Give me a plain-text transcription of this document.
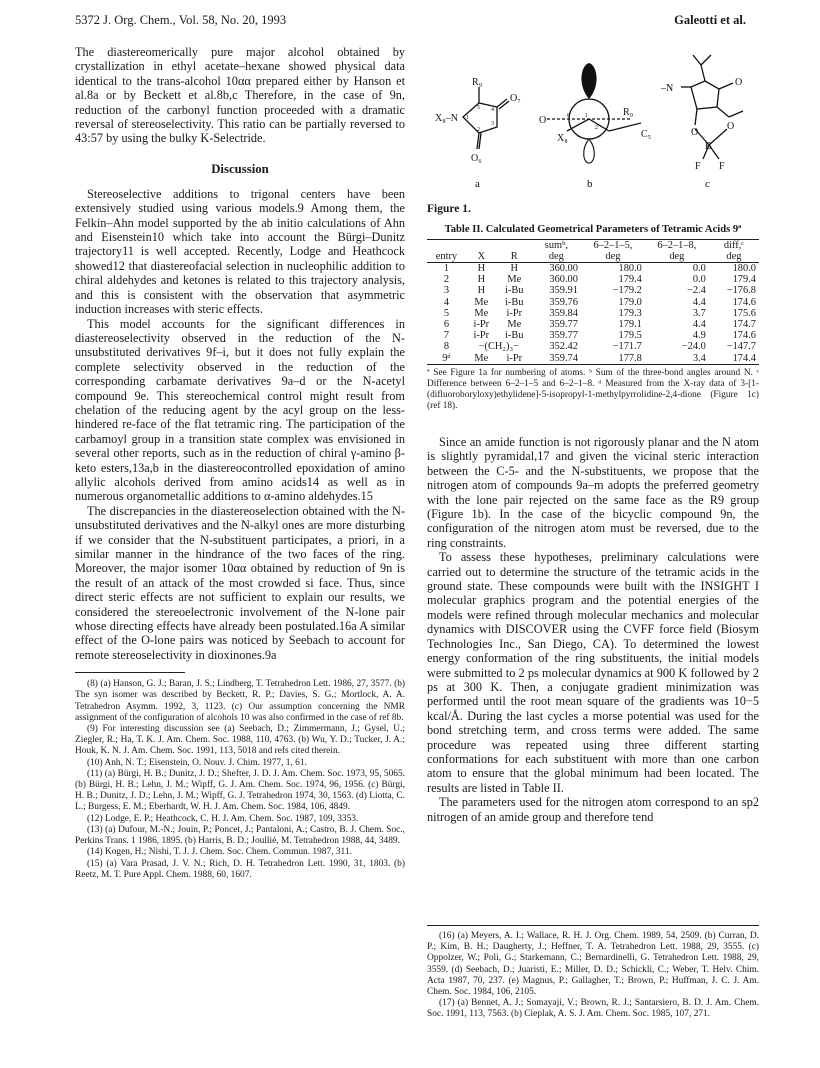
5372 J. Org. Chem., Vol. 58, No. 20, 1993	Galeotti et al.

The diastereomerically pure major alcohol obtained by crystallization in ethyl acetate–hexane showed physical data identical to the trans-alcohol 10αα prepared either by Hanson et al.8a or by Beckett et al.8b,c Therefore, in the case of 9n, reduction of the carbonyl function proceeded with a dramatic reversal of stereoselectivity. This ratio can be partially reversed to 43:57 by using the bulky K-Selectride.

Discussion

Stereoselective additions to trigonal centers have been extensively studied using various models.9 Among them, the Felkin–Ahn model supported by the ab initio calculations of Ahn and Eisenstein10 which take into account the Bürgi–Dunitz trajectory11 is well accepted. Recently, Lodge and Heathcock showed12 that diastereofacial selection in nucleophilic addition to chiral aldehydes and ketones is related to this trajectory analysis, and this is consistent with the observation that asymmetric induction increases with steric effects.

This model accounts for the significant differences in diastereoselectivity observed in the reduction of the N-unsubstituted derivatives 9f–i, but it does not fully explain the complete selectivity observed in the reduction of the corresponding carbamate derivatives 9a–d or the N-acetyl compound 9e. This stereochemical control might result from chelation of the reducing agent by the acyl group on the less-hindered re-face of the flat tetramic ring. The participation of the carbamoyl group in a transition state complex was envisioned in several other reports, such as in the reduction of chiral γ-amino β-keto esters,13a,b in the diastereocontrolled epoxidation of amino allylic alcohols derived from amino acids14 as well as in numerous organometallic additions to α-amino aldehydes.15

The discrepancies in the diastereoselection obtained with the N-unsubstituted derivatives and the N-alkyl ones are more disturbing if we consider that the N-substituent participates, a priori, in a similar manner in the hindrance of the two faces of the ring. Moreover, the major isomer 10αα obtained by reduction of 9n is the result of an attack of the most crowded si face. Thus, since direct steric effects are not sufficient to explain our results, we considered the stereoelectronic involvement of the N-lone pair whose directing effects have already been postulated.16a A similar effect of the O-lone pairs was noticed by Seebach to account for remote stereoselectivity in dioxinones.9a

(8) (a) Hanson, G. J.; Baran, J. S.; Lindberg, T. Tetrahedron Lett. 1986, 27, 3577. (b) The syn isomer was described by Beckett, R. P.; Davies, S. G.; Mortlock, A. A. Tetrahedron Asymm. 1992, 3, 1123. (c) Our assumption concerning the NMR assignment of the configuration of alcohols 10 was also confirmed in the case of ref 8b.

(9) For interesting discussion see (a) Seebach, D.; Zimmermann, J.; Gysel, U.; Ziegler, R.; Ha, T. K. J. Am. Chem. Soc. 1988, 110, 4763. (b) Wu, Y. D.; Tucker, J. A.; Houk, K. N. J. Am. Chem. Soc. 1991, 113, 5018 and refs cited therein.

(10) Anh, N. T.; Eisenstein, O. Nouv. J. Chim. 1977, 1, 61.

(11) (a) Bürgi, H. B.; Dunitz, J. D.; Shefter, J. D. J. Am. Chem. Soc. 1973, 95, 5065. (b) Bürgi, H. B.; Lehn, J. M.; Wipff, G. J. Am. Chem. Soc. 1974, 96, 1956. (c) Bürgi, H. B.; Dunitz, J. D.; Lehn, J. M.; Wipff, G. J. Tetrahedron 1974, 30, 1563. (d) Liotta, C. L.; Burgess, E. M.; Eberhardt, W. H. J. Am. Chem. Soc. 1984, 106, 4849.

(12) Lodge, E. P.; Heathcock, C. H. J. Am. Chem. Soc. 1987, 109, 3353.

(13) (a) Dufour, M.-N.; Jouin, P.; Poncet, J.; Pantaloni, A.; Castro, B. J. Chem. Soc., Perkins Trans. 1 1986, 1895. (b) Harris, B. D.; Joullié, M. Tetrahedron 1988, 44, 3489.

(14) Kogen, H.; Nishi, T. J. J. Chem. Soc. Chem. Commun. 1987, 311.

(15) (a) Vara Prasad, J. V. N.; Rich, D. H. Tetrahedron Lett. 1990, 31, 1803. (b) Reetz, M. T. Pure Appl. Chem. 1988, 60, 1607.

R₉
X₈–N 1
O₇
O₆
2
3
4
5
O
X₈
R₉
C₅
1
2
6
–N
O
O
O
B
F F
a	b	c
Figure 1.
Table II. Calculated Geometrical Parameters of Tetramic Acids 9ª
			sumᵇ,	6–2–1–5,	6–2–1–8,	diff,ᶜ
entry	X	R	deg	deg	deg	deg
1	H	H	360.00	180.0	0.0	180.0
2	H	Me	360.00	179.4	0.0	179.4
3	H	i-Bu	359.91	−179.2	−2.4	−176.8
4	Me	i-Bu	359.76	179.0	4.4	174.6
5	Me	i-Pr	359.84	179.3	3.7	175.6
6	i-Pr	Me	359.77	179.1	4.4	174.7
7	i-Pr	i-Bu	359.77	179.5	4.9	174.6
8	−(CH₂)₃−		352.42	−171.7	−24.0	−147.7
9ᵈ	Me	i-Pr	359.74	177.8	3.4	174.4
ª See Figure 1a for numbering of atoms. ᵇ Sum of the three-bond angles around N. ᶜ Difference between 6–2–1–5 and 6–2–1–8. ᵈ Measured from the X-ray data of 3-[1-(difluoroboryloxy)ethylidene]-5-isopropyl-1-methylpyrrolidine-2,4-dione (Figure 1c) (ref 18).

Since an amide function is not rigorously planar and the N atom is slightly pyramidal,17 and given the vicinal steric interaction between the C-5- and the N-substituents, we propose that the nitrogen atom of compounds 9a–m adopts the preferred geometry with the lone pair rejected on the same face as the R9 group (Figure 1b). In the case of the bicyclic compound 9n, the configuration of the nitrogen atom must be reversed, due to the ring constraints.

To assess these hypotheses, preliminary calculations were carried out to determine the structure of the tetramic acids in the ground state. These compounds were built with the INSIGHT I molecular graphics program and the potential energies of the models were refined through molecular mechanics and molecular dynamics with DISCOVER using the CVFF force field (Biosym Technologies Inc., San Diego, CA). To determined the lowest energy conformation of the ring substituents, the initial models were submitted to 2 ps molecular dynamics at 900 K followed by 2 ps at 300 K. Then, a conjugate gradient minimization was performed until the root mean square of the gradients was 10−5 kcal/Å. During the last cycles a morse potential was used for the bond stretching term, and cross terms were added. The same procedure was repeated using three different starting conformations for each substituent with more than one carbon atom to ensure that the global minimum had been located. The results are listed in Table II.

The parameters used for the nitrogen atom correspond to an sp2 nitrogen of an amide group and therefore tend

(16) (a) Meyers, A. I.; Wallace, R. H. J. Org. Chem. 1989, 54, 2509. (b) Curran, D. P.; Kim, B. H.; Daugherty, J.; Heffner, T. A. Tetrahedron Lett. 1988, 29, 3555. (c) Oppolzer, W.; Poli, G.; Starkemann, C.; Bernardinelli, G. Tetrahedron Lett. 1988, 29, 3559. (d) Seebach, D.; Juaristi, E.; Miller, D. D.; Schickli, C.; Weber, T. Helv. Chim. Acta 1987, 70, 237. (e) Magnus, P.; Gallagher, T.; Brown, P.; Huffman, J. C. J. Am. Chem. Soc. 1984, 106, 2105.

(17) (a) Bennet, A. J.; Somayaji, V.; Brown, R. J.; Santarsiero, B. D. J. Am. Chem. Soc. 1991, 113, 7563. (b) Cieplak, A. S. J. Am. Chem. Soc. 1985, 107, 271.
